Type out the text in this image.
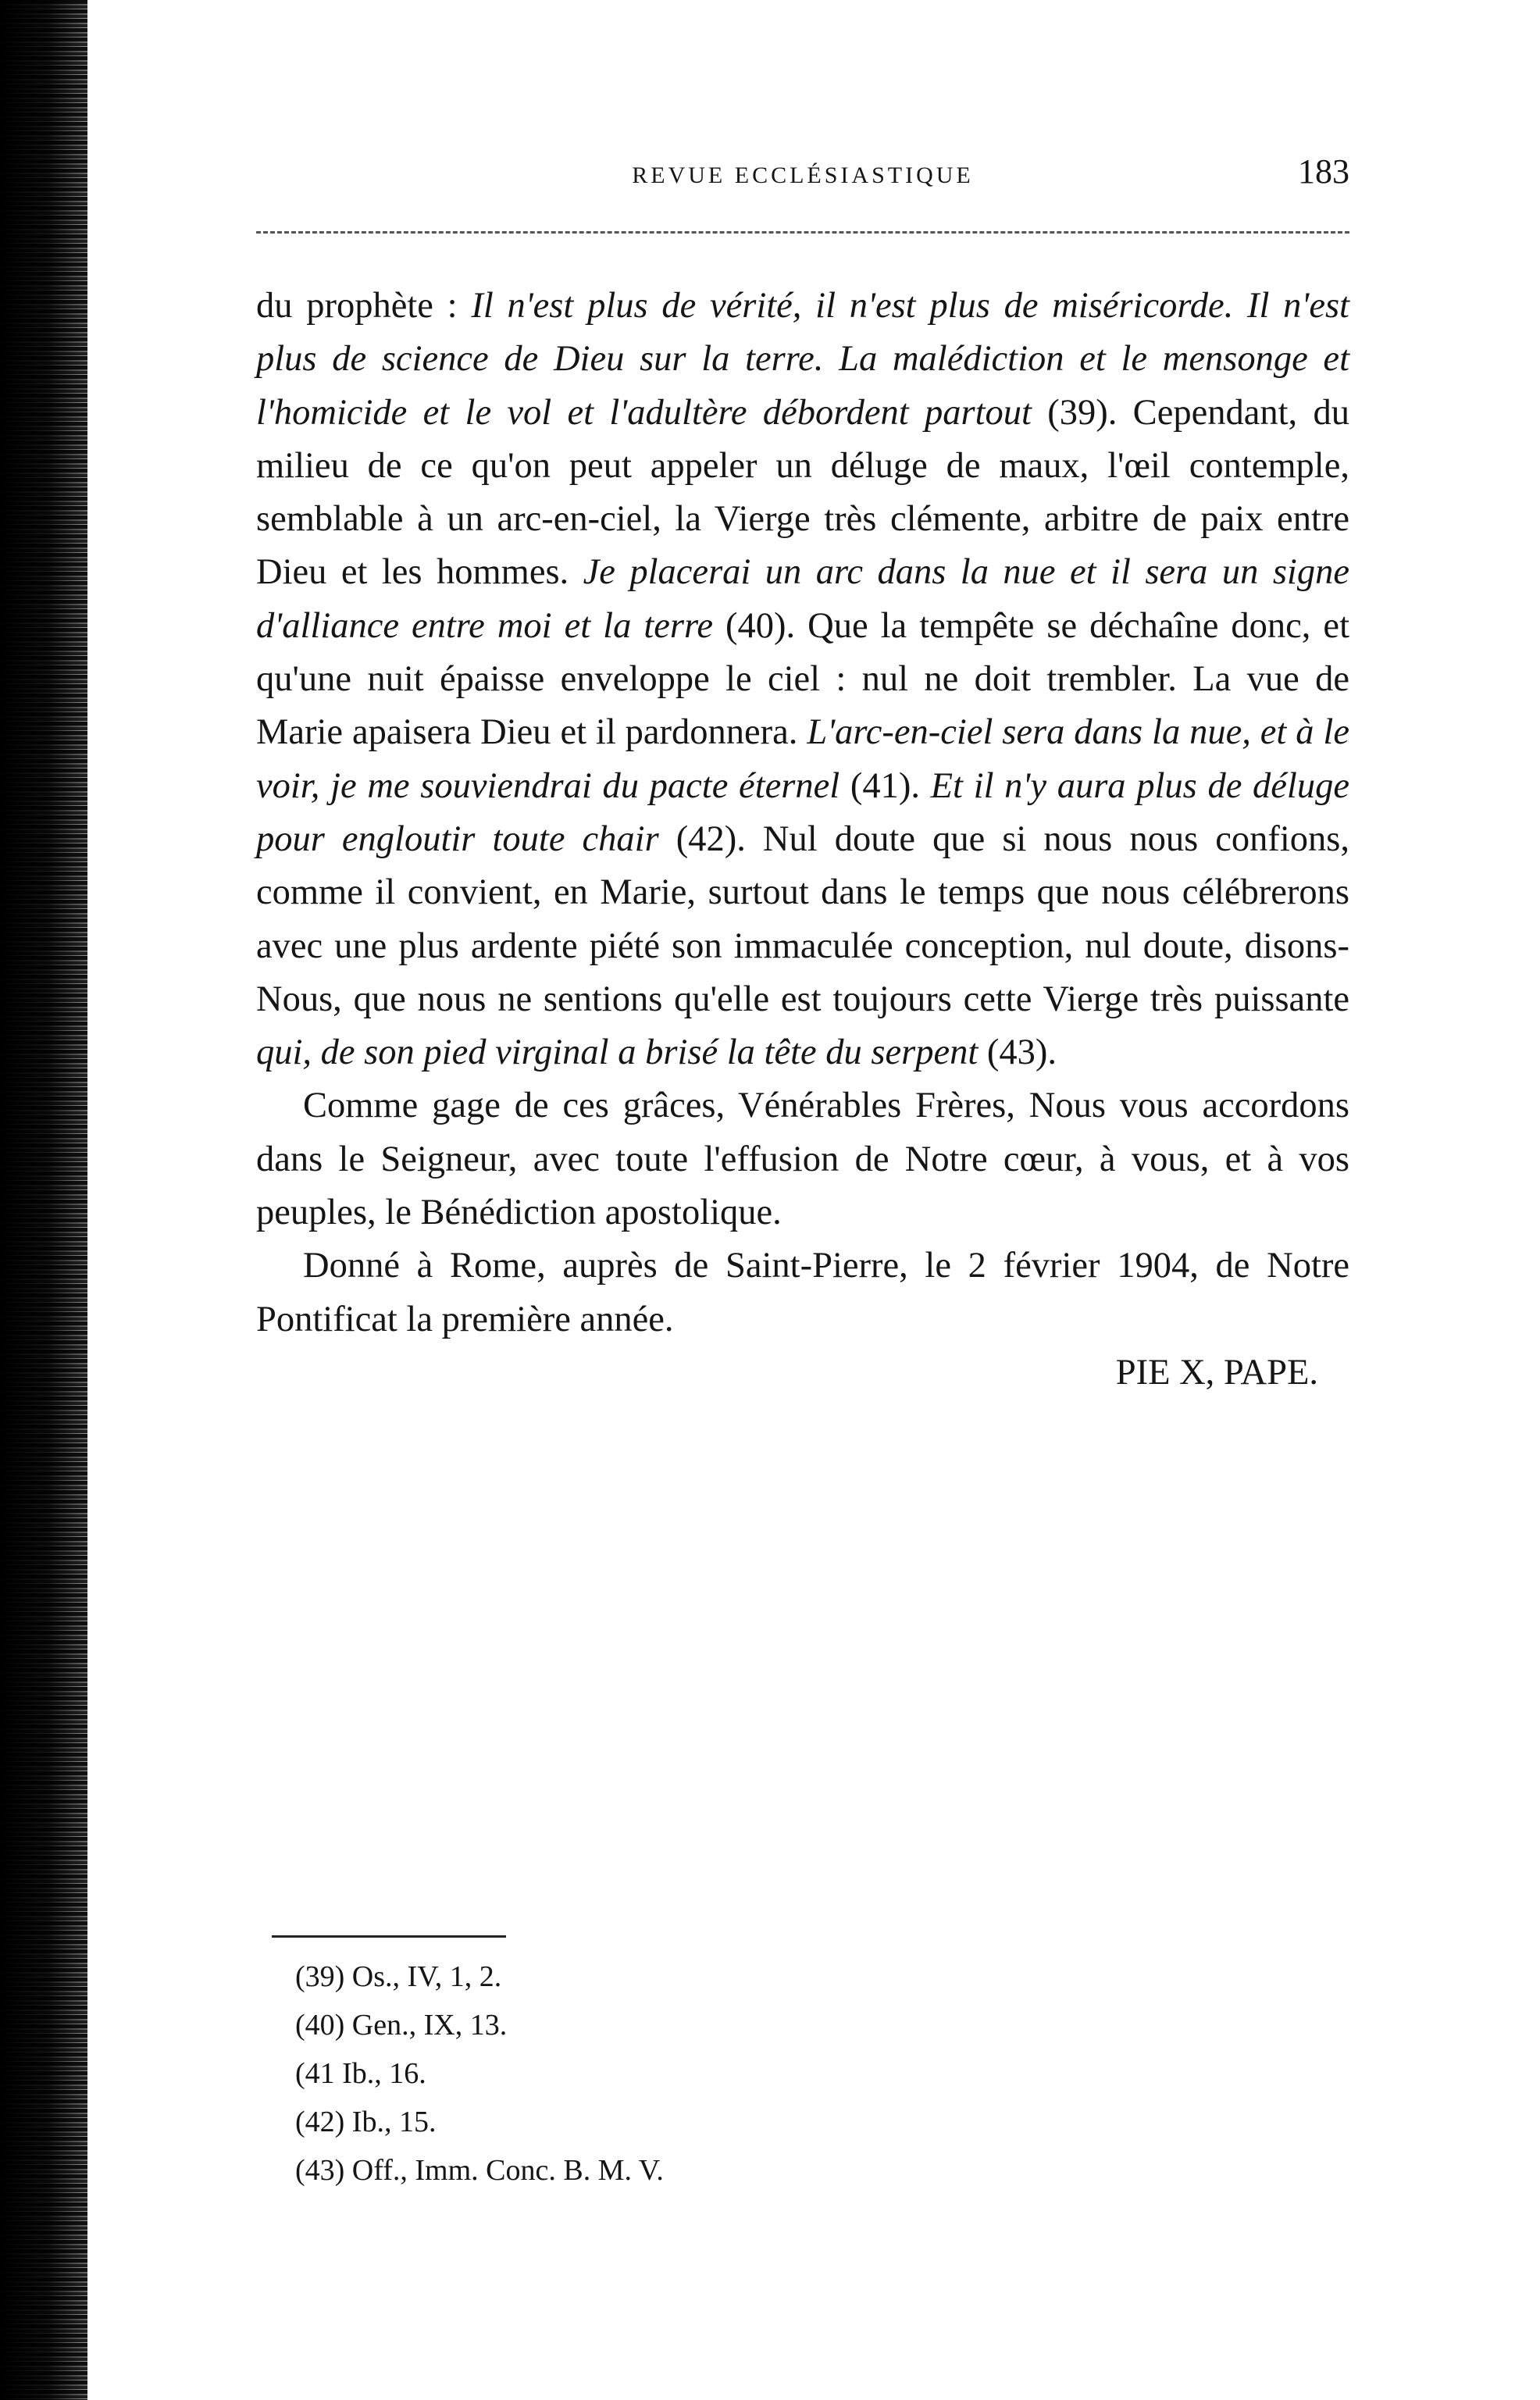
REVUE ECCLÉSIASTIQUE	183

du prophète : Il n'est plus de vérité, il n'est plus de miséricorde. Il n'est plus de science de Dieu sur la terre. La malédiction et le mensonge et l'homicide et le vol et l'adultère débordent partout (39). Cependant, du milieu de ce qu'on peut appeler un déluge de maux, l'œil contemple, semblable à un arc-en-ciel, la Vierge très clémente, arbitre de paix entre Dieu et les hommes. Je placerai un arc dans la nue et il sera un signe d'alliance entre moi et la terre (40). Que la tempête se déchaîne donc, et qu'une nuit épaisse enveloppe le ciel : nul ne doit trembler. La vue de Marie apaisera Dieu et il pardonnera. L'arc-en-ciel sera dans la nue, et à le voir, je me souviendrai du pacte éternel (41). Et il n'y aura plus de déluge pour engloutir toute chair (42). Nul doute que si nous nous confions, comme il convient, en Marie, surtout dans le temps que nous célébrerons avec une plus ardente piété son immaculée conception, nul doute, disons-Nous, que nous ne sentions qu'elle est toujours cette Vierge très puissante qui, de son pied virginal a brisé la tête du serpent (43).

Comme gage de ces grâces, Vénérables Frères, Nous vous accordons dans le Seigneur, avec toute l'effusion de Notre cœur, à vous, et à vos peuples, le Bénédiction apostolique.

Donné à Rome, auprès de Saint-Pierre, le 2 février 1904, de Notre Pontificat la première année.

PIE X, PAPE.

(39) Os., IV, 1, 2.
(40) Gen., IX, 13.
(41 Ib., 16.
(42) Ib., 15.
(43) Off., Imm. Conc. B. M. V.
